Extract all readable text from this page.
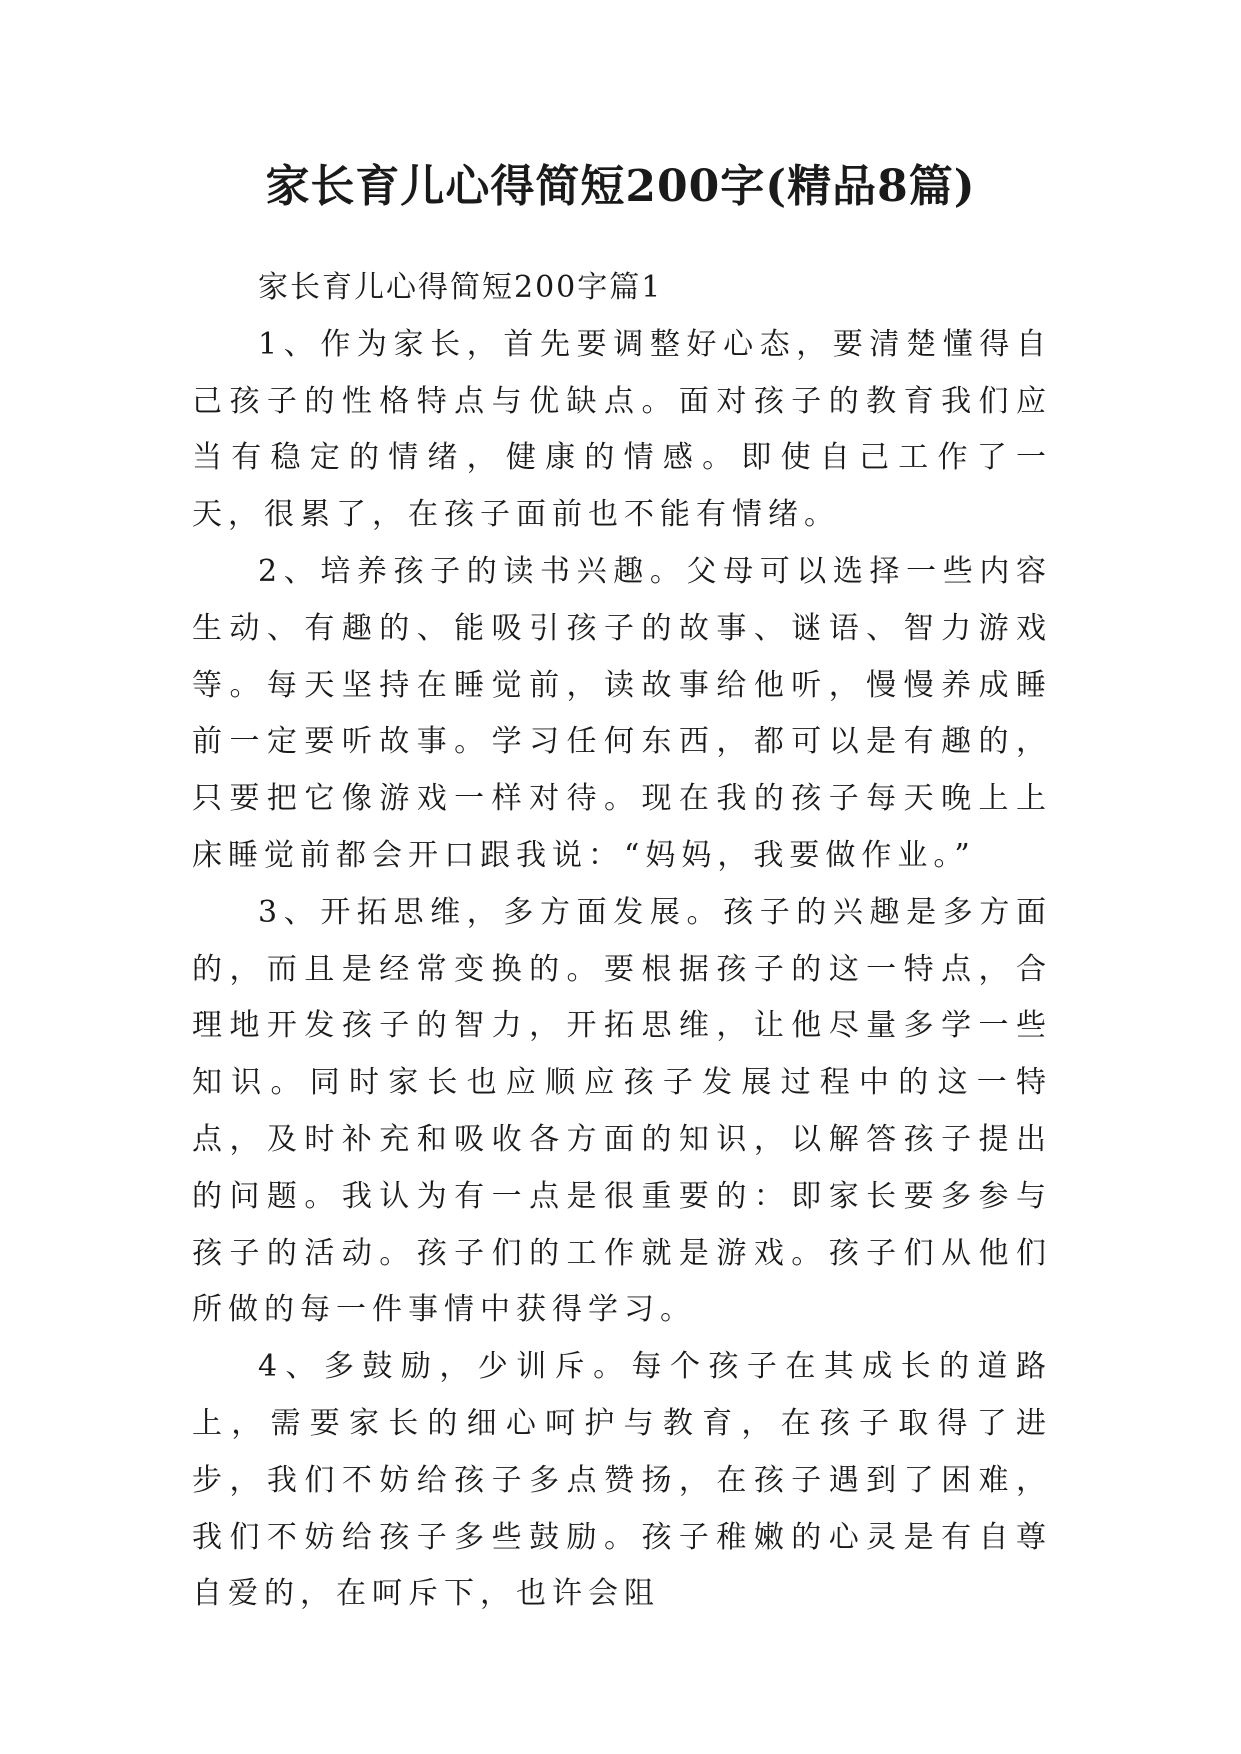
家长育儿心得简短200字(精品8篇)

家长育儿心得简短200字篇1

1、作为家长，首先要调整好心态，要清楚懂得自己孩子的性格特点与优缺点。面对孩子的教育我们应当有稳定的情绪，健康的情感。即使自己工作了一天，很累了，在孩子面前也不能有情绪。

2、培养孩子的读书兴趣。父母可以选择一些内容生动、有趣的、能吸引孩子的故事、谜语、智力游戏等。每天坚持在睡觉前，读故事给他听，慢慢养成睡前一定要听故事。学习任何东西，都可以是有趣的，只要把它像游戏一样对待。现在我的孩子每天晚上上床睡觉前都会开口跟我说：“妈妈，我要做作业。”

3、开拓思维，多方面发展。孩子的兴趣是多方面的，而且是经常变换的。要根据孩子的这一特点，合理地开发孩子的智力，开拓思维，让他尽量多学一些知识。同时家长也应顺应孩子发展过程中的这一特点，及时补充和吸收各方面的知识，以解答孩子提出的问题。我认为有一点是很重要的：即家长要多参与孩子的活动。孩子们的工作就是游戏。孩子们从他们所做的每一件事情中获得学习。

4、多鼓励，少训斥。每个孩子在其成长的道路上，需要家长的细心呵护与教育，在孩子取得了进步，我们不妨给孩子多点赞扬，在孩子遇到了困难，我们不妨给孩子多些鼓励。孩子稚嫩的心灵是有自尊自爱的，在呵斥下，也许会阻
